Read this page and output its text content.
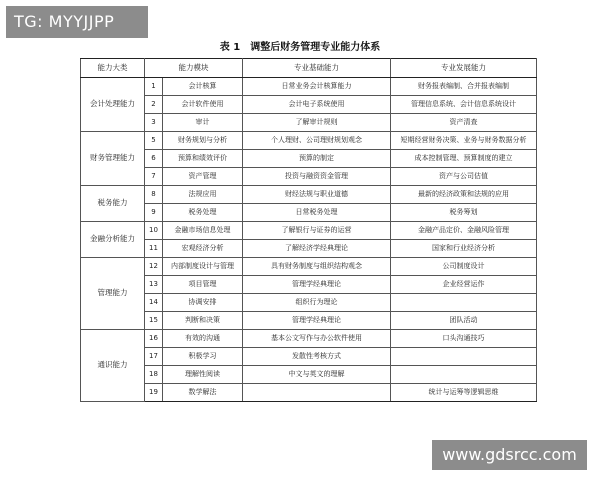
TG: MYYJJPP
表 1 调整后财务管理专业能力体系
能力大类	能力模块		专业基础能力	专业发展能力
会计处理能力	1	会计核算	日常业务会计核算能力	财务报表编制、合并报表编制
	2	会计软件使用	会计电子系统使用	管理信息系统、会计信息系统设计
	3	审计	了解审计规则	资产清查
财务管理能力	5	财务规划与分析	个人理财、公司理财规划观念	短期经营财务决策、业务与财务数据分析
	6	预算和绩效评价	预算的制定	成本控制管理、预算制度的建立
	7	资产管理	投资与融资资金管理	资产与公司估值
税务能力	8	法规应用	财经法规与职业道德	最新的经济政策和法规的应用
	9	税务处理	日常税务处理	税务筹划
金融分析能力	10	金融市场信息处理	了解银行与证券的运营	金融产品定价、金融风险管理
	11	宏观经济分析	了解经济学经典理论	国家和行业经济分析
管理能力	12	内部制度设计与管理	具有财务制度与组织结构观念	公司制度设计
	13	项目管理	管理学经典理论	企业经营运作
	14	协调安排	组织行为理论	
	15	判断和决策	管理学经典理论	团队活动
通识能力	16	有效的沟通	基本公文写作与办公软件使用	口头沟通技巧
	17	积极学习	发散性考核方式	
	18	理解性阅读	中文与英文的理解	
	19	数学解法		统计与运筹等逻辑思维
www.gdsrcc.com
